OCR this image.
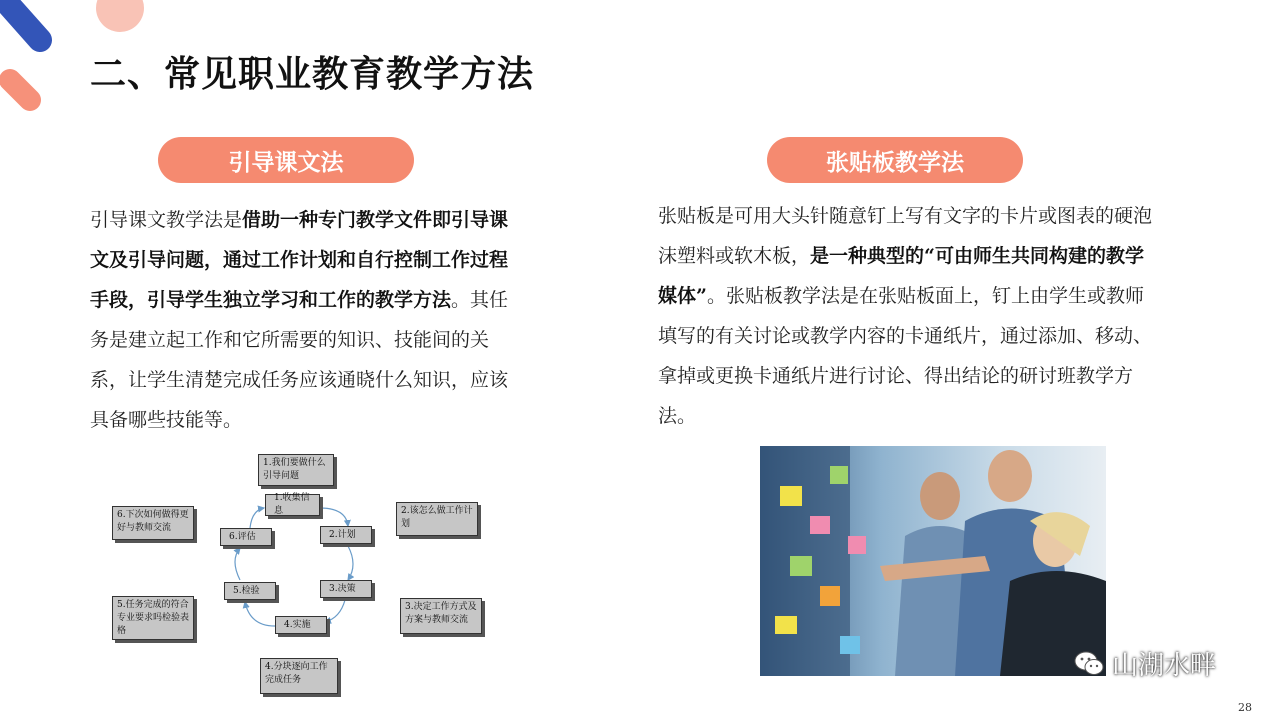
二、常见职业教育教学方法
引导课文法
引导课文教学法是借助一种专门教学文件即引导课文及引导问题，通过工作计划和自行控制工作过程手段，引导学生独立学习和工作的教学方法。其任务是建立起工作和它所需要的知识、技能间的关系，让学生清楚完成任务应该通晓什么知识，应该具备哪些技能等。
张贴板教学法
张贴板是可用大头针随意钉上写有文字的卡片或图表的硬泡沫塑料或软木板，是一种典型的“可由师生共同构建的教学媒体”。张贴板教学法是在张贴板面上，钉上由学生或教师填写的有关讨论或教学内容的卡通纸片，通过添加、移动、拿掉或更换卡通纸片进行讨论、得出结论的研讨班教学方法。
1.收集信息
2.计划
3.决策
4.实施
5.检验
6.评估
1.我们要做什么
引导问题
2.该怎么做工作计划
3.决定工作方式及方案与教师交流
4.分块逐向工作
完成任务
5.任务完成的符合专业要求吗检验表格
6.下次如何做得更好与教师交流
山湖水畔
28
